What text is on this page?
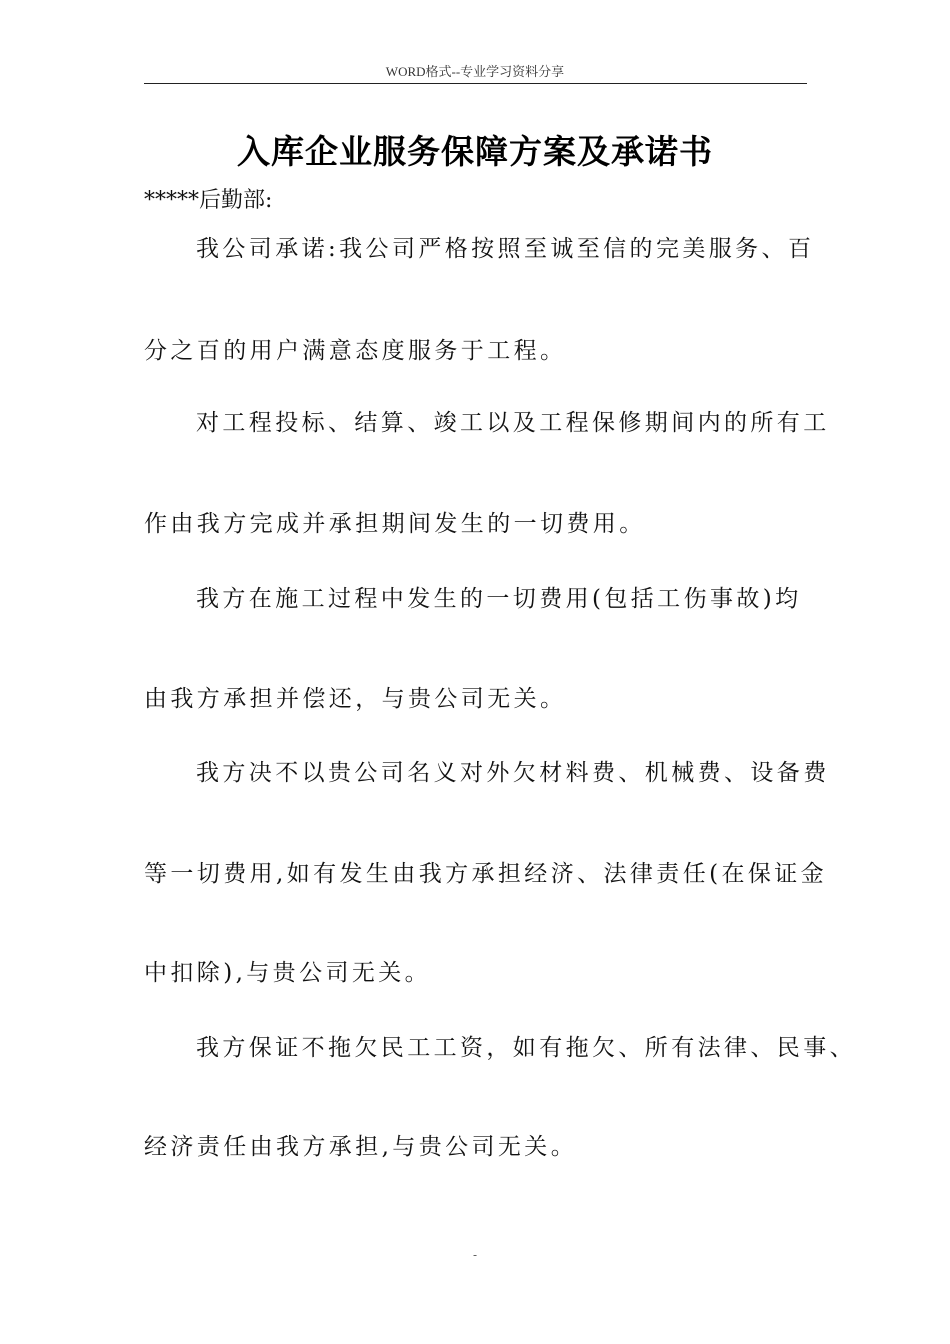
WORD格式--专业学习资料分享
入库企业服务保障方案及承诺书
*****后勤部:
我公司承诺:我公司严格按照至诚至信的完美服务、百
分之百的用户满意态度服务于工程。
对工程投标、结算、竣工以及工程保修期间内的所有工
作由我方完成并承担期间发生的一切费用。
我方在施工过程中发生的一切费用(包括工伤事故)均
由我方承担并偿还，与贵公司无关。
我方决不以贵公司名义对外欠材料费、机械费、设备费
等一切费用,如有发生由我方承担经济、法律责任(在保证金
中扣除),与贵公司无关。
我方保证不拖欠民工工资，如有拖欠、所有法律、民事、
经济责任由我方承担,与贵公司无关。
-
